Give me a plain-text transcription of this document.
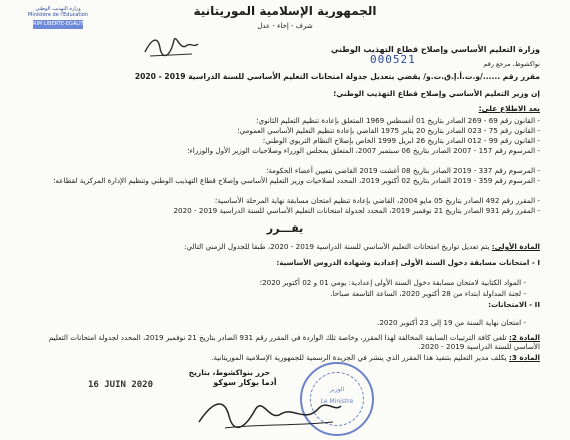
الجمهورية الإسلامية الموريتانية
شرف - إخاء - عدل
وزارة التهذيب الوطني
Ministère de l'Education
RIM LIBERTE-EGALITE
وزارة التعليم الأساسي وإصلاح قطاع التهذيب الوطني
نواكشوط، مرجع رقم
000521
مقرر رقم ....../و.ت.أ.إ.ق.ت.و/ يقضي بتعديل جدولة امتحانات التعليم الأساسي للسنة الدراسية 2019 - 2020
إن وزير التعليم الأساسي وإصلاح قطاع التهذيب الوطني؛
بعد الاطلاع على:
- القانون رقم 69 - 269 الصادر بتاريخ 01 أغسطس 1969 المتعلق بإعادة تنظيم التعليم الثانوي؛
- القانون رقم 75 - 023 الصادر بتاريخ 20 يناير 1975 القاضي بإعادة تنظيم التعليم الأساسي العمومي؛
- القانون رقم 99 - 012 الصادر بتاريخ 26 ابريل 1999 الخاص بإصلاح النظام التربوي الوطني؛
- المرسوم رقم 157 - 2007 الصادر بتاريخ 06 سبتمبر 2007، المتعلق بمجلس الوزراء وصلاحيات الوزير الأول والوزراء؛
- المرسوم رقم 337 - 2019 الصادر بتاريخ 08 أغشت 2019 القاضي بتعيين أعضاء الحكومة؛
- المرسوم رقم 359 - 2019 الصادر بتاريخ 02 أكتوبر 2019، المحدد لصلاحيات وزير التعليم الأساسي وإصلاح قطاع التهذيب الوطني وتنظيم الإدارة المركزية لقطاعه؛
- المقرر رقم 492 الصادر بتاريخ 05 مايو 2004، القاضي بإعادة تنظيم امتحان مسابقة نهاية المرحلة الأساسية؛
- المقرر رقم 931 الصادر بتاريخ 21 نوفمبر 2019، المحدد لجدولة امتحانات التعليم الأساسي للسنة الدراسية 2019 - 2020
يقـــرر
المادة الأولى: يتم تعديل تواريخ امتحانات التعليم الأساسي للسنة الدراسية 2019 - 2020، طبقا للجدول الزمني التالي:
I - امتحانات مسابقة دخول السنة الأولى إعدادية وشهادة الدروس الأساسية:
- المواد الكتابية لامتحان مسابقة دخول السنة الأولى إعدادية: يومي 01 و 02 أكتوبر 2020؛
- لجنة المداولة ابتداء من 28 أكتوبر 2020، الساعة التاسعة صباحا.
II - الامتحانات:
- امتحان نهاية السنة من 19 إلى 23 أكتوبر 2020.
المادة 2: تلغى كافة الترتيبات السابقة المخالفة لهذا المقرر، وخاصة تلك الواردة في المقرر رقم 931 الصادر بتاريخ 21 نوفمبر 2019، المحدد لجدولة امتحانات التعليم الأساسي للسنة الدراسية 2019 - 2020.
المادة 3: يكلف مدير التعليم بتنفيذ هذا المقرر الذي ينشر في الجريدة الرسمية للجمهورية الإسلامية الموريتانية.
حرر بنواكشوط، بتاريخ
16 JUIN 2020	أدما بوكار سوكو
الوزير
Le Ministre
